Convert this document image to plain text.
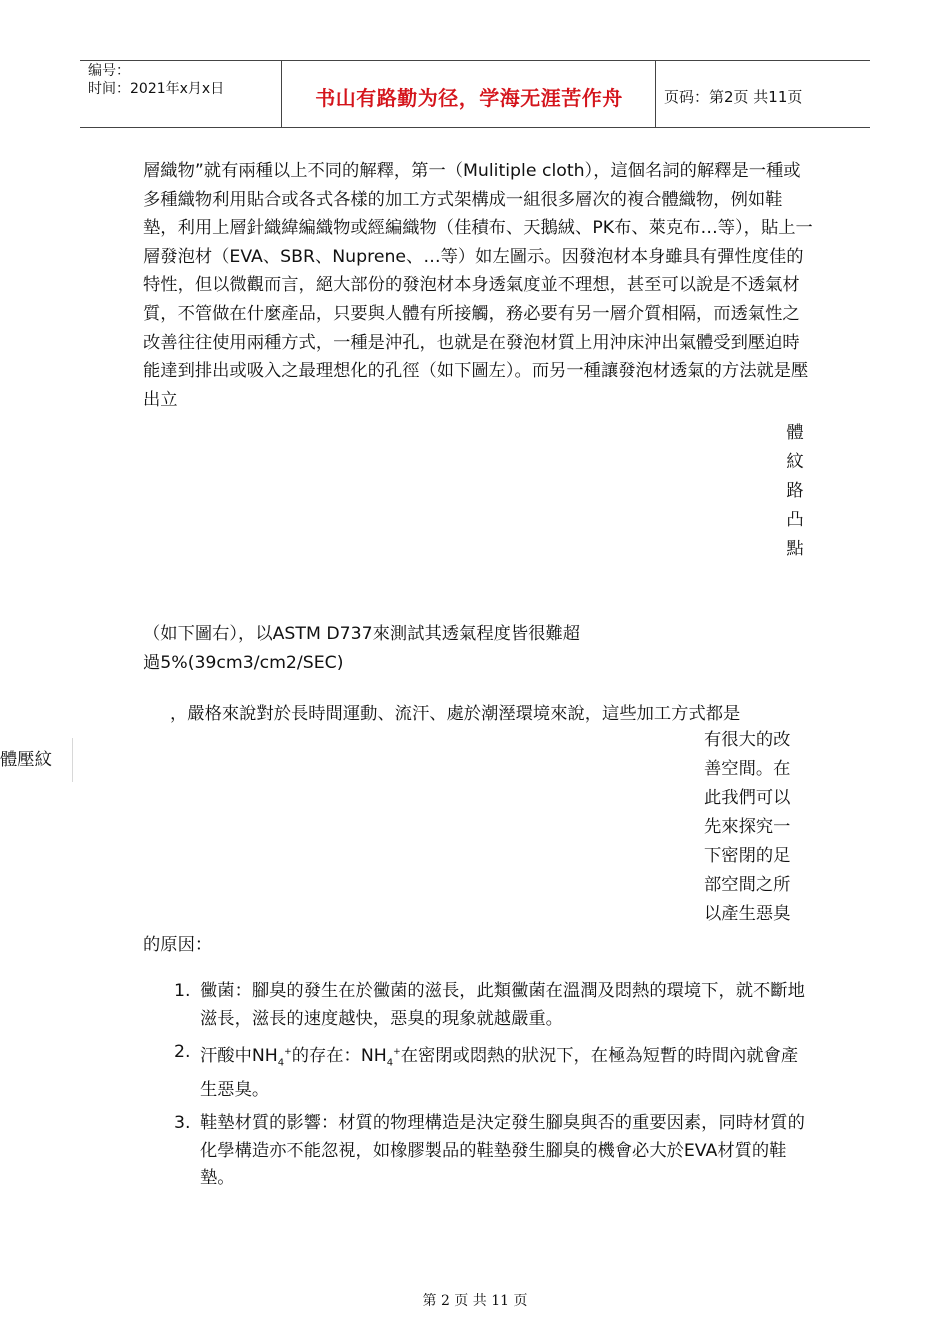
编号：
时间：2021年x月x日	书山有路勤为径，学海无涯苦作舟	页码：第2页 共11页

層織物”就有兩種以上不同的解釋，第一（Mulitiple cloth），這個名詞的解釋是一種或多種織物利用貼合或各式各樣的加工方式架構成一組很多層次的複合體織物，例如鞋墊，利用上層針織緯編織物或經編織物（佳積布、天鵝絨、PK布、萊克布…等），貼上一層發泡材（EVA、SBR、Nuprene、…等）如左圖示。因發泡材本身雖具有彈性度佳的特性，但以微觀而言，絕大部份的發泡材本身透氣度並不理想，甚至可以說是不透氣材質，不管做在什麼產品，只要與人體有所接觸，務必要有另一層介質相隔，而透氣性之改善往往使用兩種方式，一種是沖孔，也就是在發泡材質上用沖床沖出氣體受到壓迫時能達到排出或吸入之最理想化的孔徑（如下圖左）。而另一種讓發泡材透氣的方法就是壓出立

體
紋
路
凸
點
（如下圖右），以ASTM D737來測試其透氣程度皆很難超
過5%(39cm3/cm2/SEC)
，嚴格來說對於長時間運動、流汗、處於潮溼環境來說，這些加工方式都是
有很大的改
善空間。在
此我們可以
先來探究一
下密閉的足
部空間之所
以產生惡臭
體壓紋
的原因：
1. 黴菌：腳臭的發生在於黴菌的滋長，此類黴菌在溫潤及悶熱的環境下，就不斷地滋長，滋長的速度越快，惡臭的現象就越嚴重。
2. 汗酸中$NH_4^+$的存在：$NH_4^+$在密閉或悶熱的狀況下，在極為短暫的時間內就會產生惡臭。
3. 鞋墊材質的影響：材質的物理構造是決定發生腳臭與否的重要因素，同時材質的化學構造亦不能忽視，如橡膠製品的鞋墊發生腳臭的機會必大於EVA材質的鞋墊。
第 2 页 共 11 页
